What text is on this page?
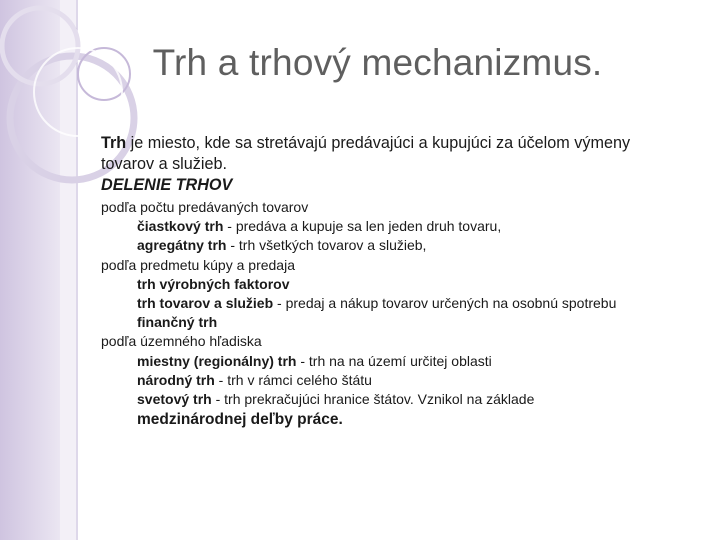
Trh a trhový mechanizmus.

Trh je miesto, kde sa stretávajú predávajúci a kupujúci za účelom výmeny tovarov a služieb.

DELENIE TRHOV

podľa počtu predávaných tovarov

čiastkový trh - predáva a kupuje sa len jeden druh tovaru,

agregátny trh - trh všetkých tovarov a služieb,

podľa predmetu kúpy a predaja

trh výrobných faktorov

trh tovarov a služieb - predaj a nákup tovarov určených na osobnú spotrebu

finančný trh

podľa územného hľadiska

miestny (regionálny) trh - trh na na území určitej oblasti

národný trh - trh v rámci celého štátu

svetový trh - trh prekračujúci hranice štátov. Vznikol na základe

medzinárodnej deľby práce.
